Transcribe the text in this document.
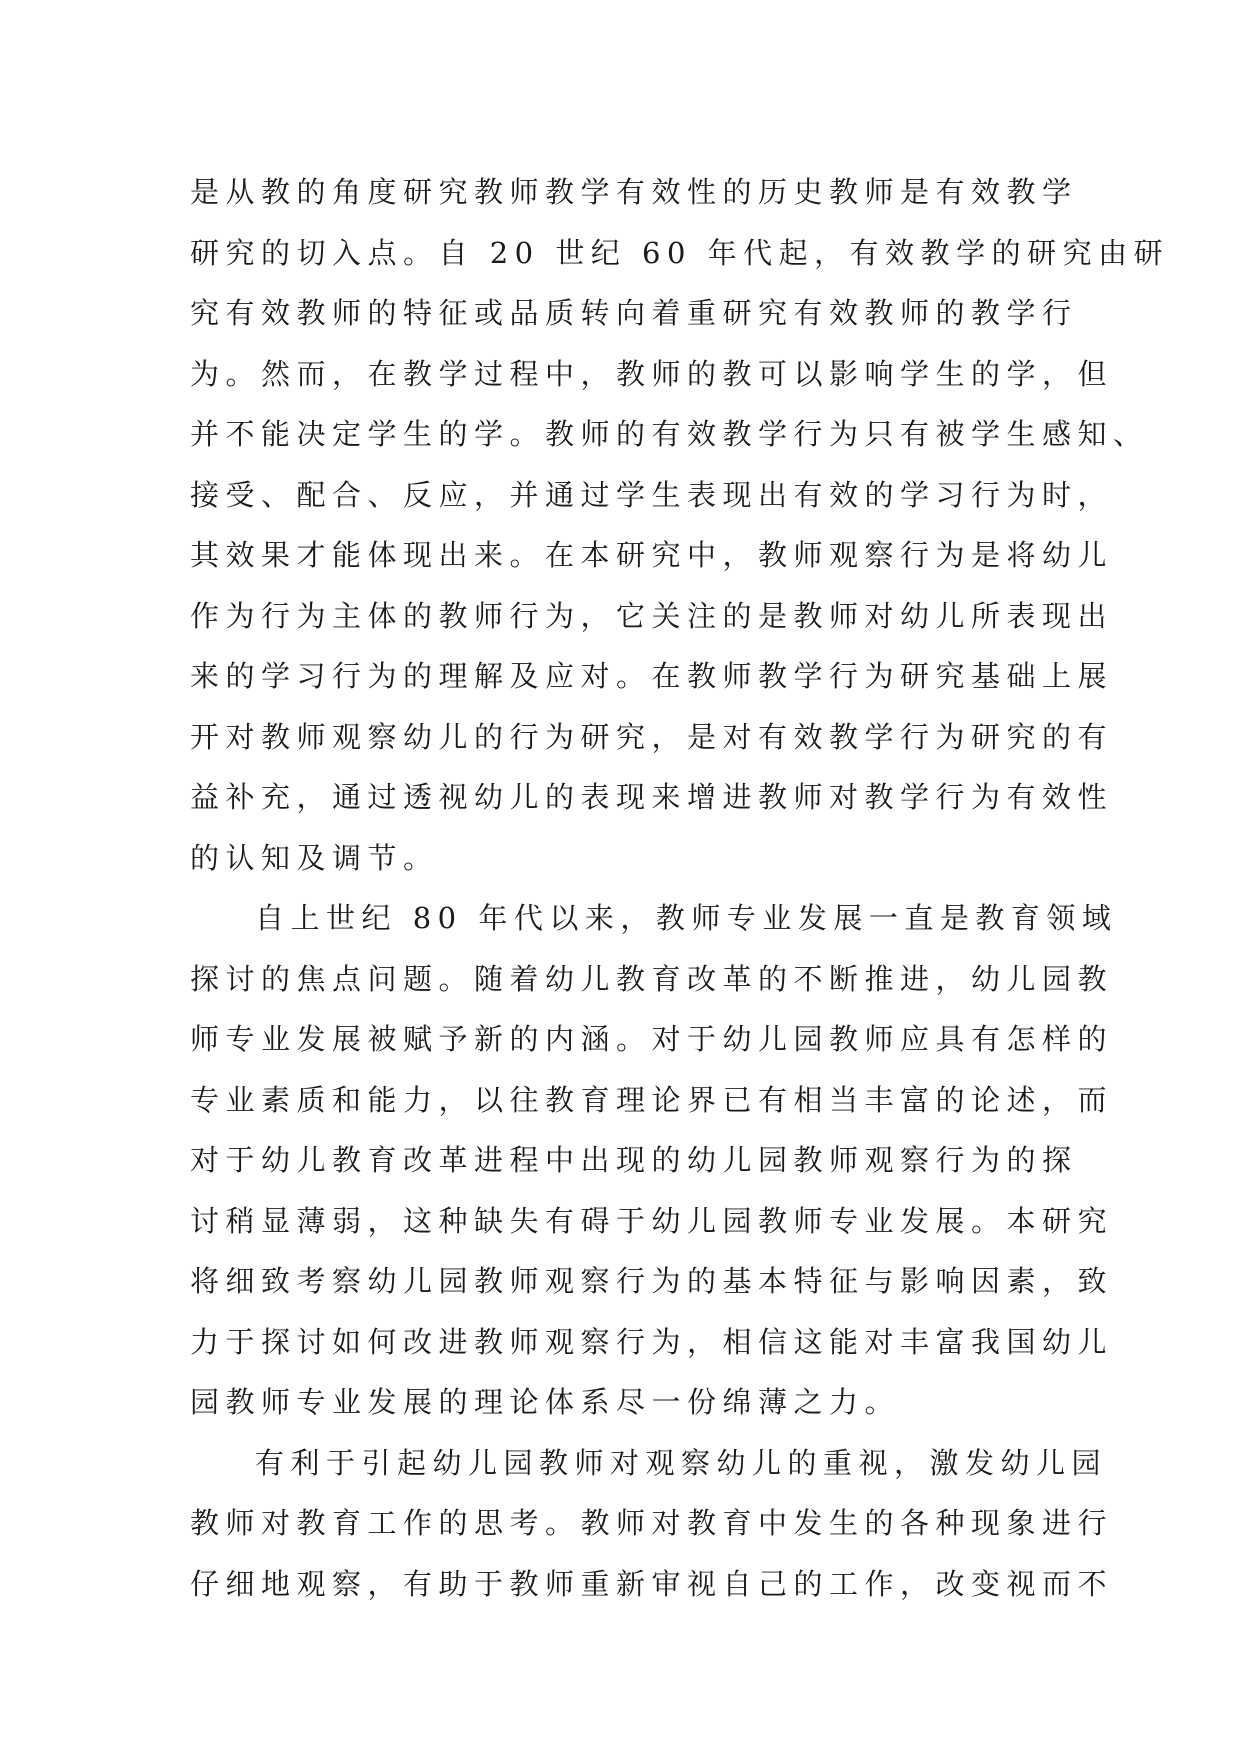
是从教的角度研究教师教学有效性的历史教师是有效教学
研究的切入点。自 20 世纪 60 年代起，有效教学的研究由研
究有效教师的特征或品质转向着重研究有效教师的教学行
为。然而，在教学过程中，教师的教可以影响学生的学，但
并不能决定学生的学。教师的有效教学行为只有被学生感知、
接受、配合、反应，并通过学生表现出有效的学习行为时，
其效果才能体现出来。在本研究中，教师观察行为是将幼儿
作为行为主体的教师行为，它关注的是教师对幼儿所表现出
来的学习行为的理解及应对。在教师教学行为研究基础上展
开对教师观察幼儿的行为研究，是对有效教学行为研究的有
益补充，通过透视幼儿的表现来增进教师对教学行为有效性
的认知及调节。
自上世纪 80 年代以来，教师专业发展一直是教育领域
探讨的焦点问题。随着幼儿教育改革的不断推进，幼儿园教
师专业发展被赋予新的内涵。对于幼儿园教师应具有怎样的
专业素质和能力，以往教育理论界已有相当丰富的论述，而
对于幼儿教育改革进程中出现的幼儿园教师观察行为的探
讨稍显薄弱，这种缺失有碍于幼儿园教师专业发展。本研究
将细致考察幼儿园教师观察行为的基本特征与影响因素，致
力于探讨如何改进教师观察行为，相信这能对丰富我国幼儿
园教师专业发展的理论体系尽一份绵薄之力。
有利于引起幼儿园教师对观察幼儿的重视，激发幼儿园
教师对教育工作的思考。教师对教育中发生的各种现象进行
仔细地观察，有助于教师重新审视自己的工作，改变视而不
